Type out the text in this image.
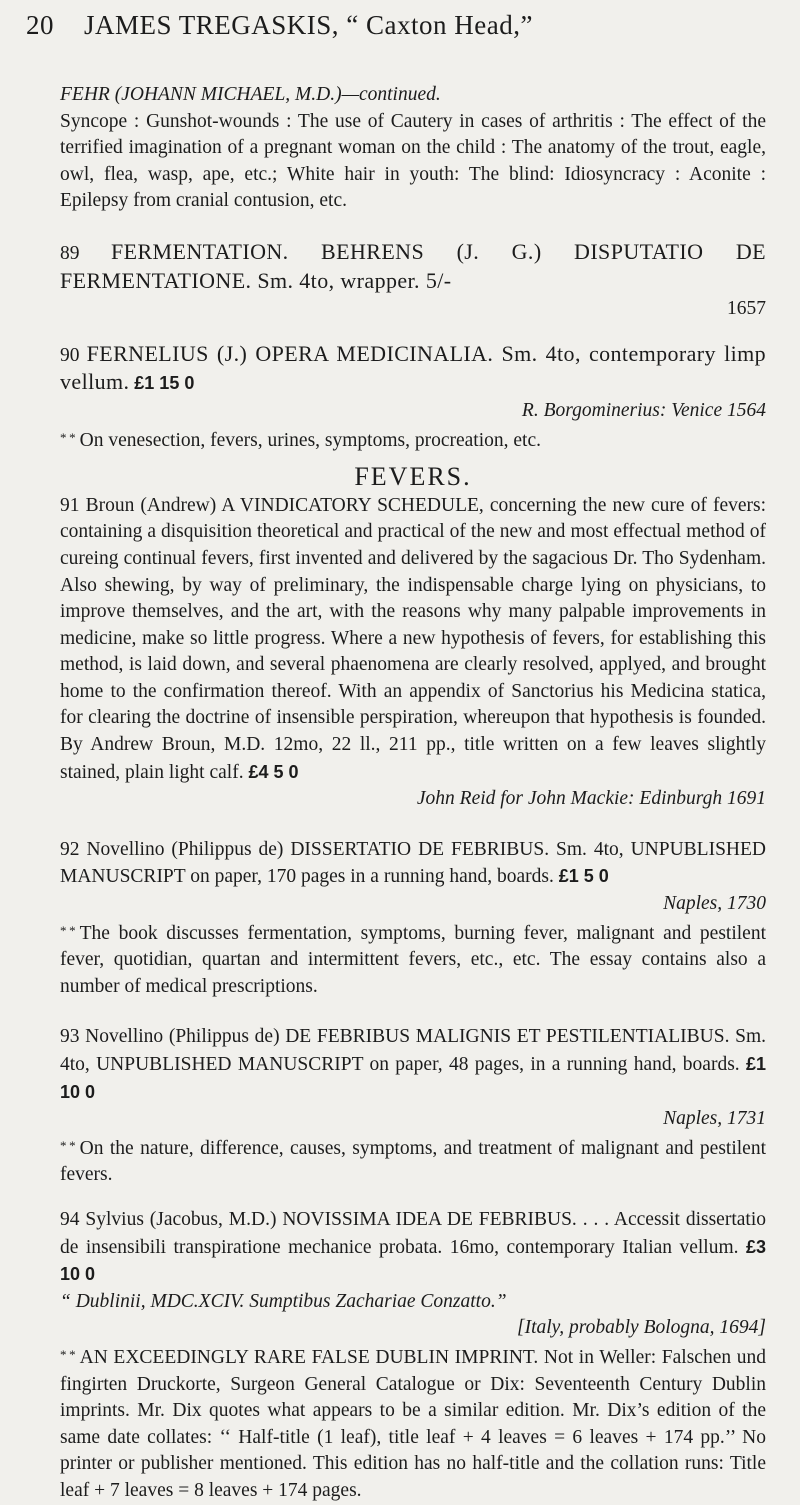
20 JAMES TREGASKIS, “ Caxton Head,”

FEHR (JOHANN MICHAEL, M.D.)—continued.
Syncope : Gunshot-wounds : The use of Cautery in cases of arthritis : The effect of the terrified imagination of a pregnant woman on the child : The anatomy of the trout, eagle, owl, flea, wasp, ape, etc.; White hair in youth: The blind: Idiosyncracy : Aconite : Epilepsy from cranial contusion, etc.

89 FERMENTATION. BEHRENS (J. G.) DISPUTATIO DE FERMENTATIONE. Sm. 4to, wrapper. 5/-
1657

90 FERNELIUS (J.) OPERA MEDICINALIA. Sm. 4to, contemporary limp vellum. £1 15 0
R. Borgominerius: Venice 1564
* * On venesection, fevers, urines, symptoms, procreation, etc.

FEVERS.

91 Broun (Andrew) A VINDICATORY SCHEDULE, concerning the new cure of fevers: containing a disquisition theoretical and practical of the new and most effectual method of cureing continual fevers, first invented and delivered by the sagacious Dr. Tho Sydenham. Also shewing, by way of preliminary, the indispensable charge lying on physicians, to improve themselves, and the art, with the reasons why many palpable improvements in medicine, make so little progress. Where a new hypothesis of fevers, for establishing this method, is laid down, and several phaenomena are clearly resolved, applyed, and brought home to the confirmation thereof. With an appendix of Sanctorius his Medicina statica, for clearing the doctrine of insensible perspiration, whereupon that hypothesis is founded. By Andrew Broun, M.D. 12mo, 22 ll., 211 pp., title written on a few leaves slightly stained, plain light calf. £4 5 0
John Reid for John Mackie: Edinburgh 1691

92 Novellino (Philippus de) DISSERTATIO DE FEBRIBUS. Sm. 4to, UNPUBLISHED MANUSCRIPT on paper, 170 pages in a running hand, boards. £1 5 0
Naples, 1730
* * The book discusses fermentation, symptoms, burning fever, malignant and pestilent fever, quotidian, quartan and intermittent fevers, etc., etc. The essay contains also a number of medical prescriptions.

93 Novellino (Philippus de) DE FEBRIBUS MALIGNIS ET PESTILENTIALIBUS. Sm. 4to, UNPUBLISHED MANUSCRIPT on paper, 48 pages, in a running hand, boards. £1 10 0
Naples, 1731
* * On the nature, difference, causes, symptoms, and treatment of malignant and pestilent fevers.

94 Sylvius (Jacobus, M.D.) NOVISSIMA IDEA DE FEBRIBUS. . . . Accessit dissertatio de insensibili transpiratione mechanice probata. 16mo, contemporary Italian vellum. £3 10 0
“ Dublinii, MDC.XCIV. Sumptibus Zachariae Conzatto.”
[Italy, probably Bologna, 1694]
* * AN EXCEEDINGLY RARE FALSE DUBLIN IMPRINT. Not in Weller: Falschen und fingirten Druckorte, Surgeon General Catalogue or Dix: Seventeenth Century Dublin imprints. Mr. Dix quotes what appears to be a similar edition. Mr. Dix’s edition of the same date collates: ‘‘ Half-title (1 leaf), title leaf + 4 leaves = 6 leaves + 174 pp.’’ No printer or publisher mentioned. This edition has no half-title and the collation runs: Title leaf + 7 leaves = 8 leaves + 174 pages.
